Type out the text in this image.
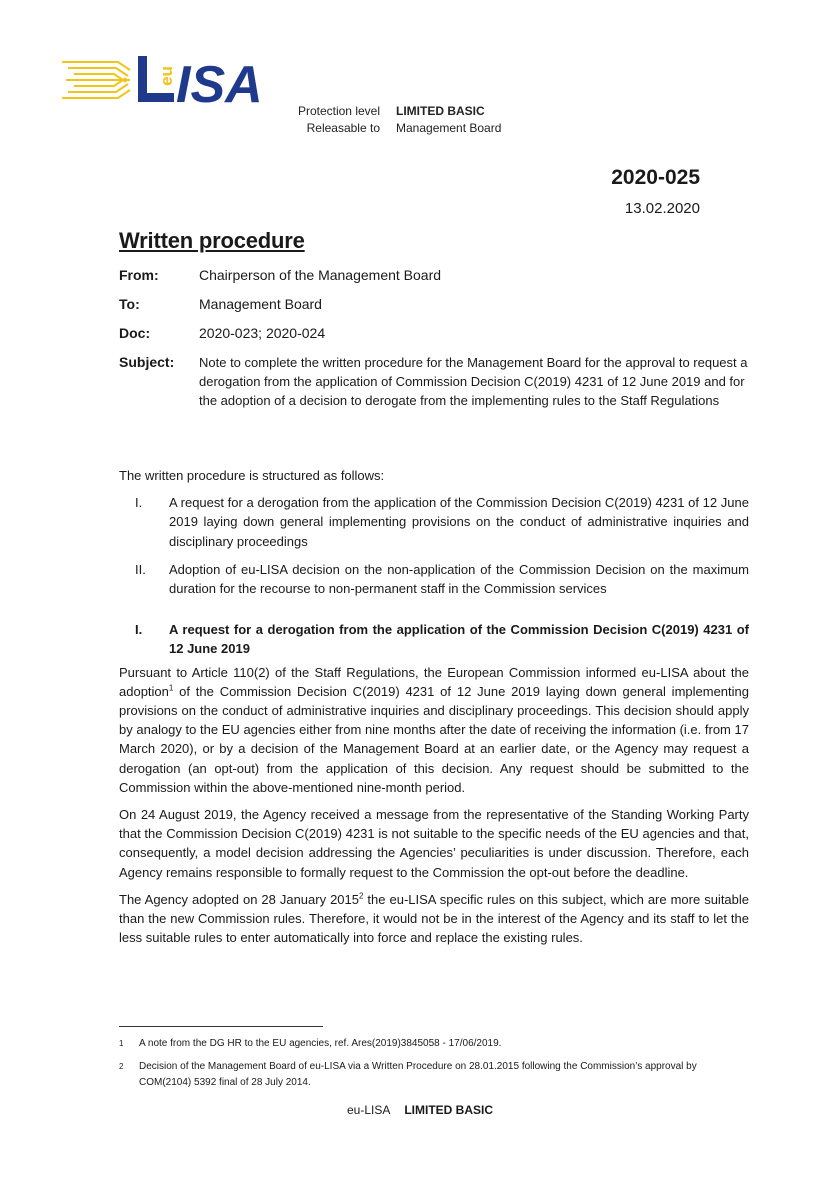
eu ISA	Protection level	LIMITED BASIC
Releasable to	Management Board
2020-025
13.02.2020
Written procedure
From:	Chairperson of the Management Board
To:	Management Board
Doc:	2020-023; 2020-024
Subject:	Note to complete the written procedure for the Management Board for the approval to request a derogation from the application of Commission Decision C(2019) 4231 of 12 June 2019 and for the adoption of a decision to derogate from the implementing rules to the Staff Regulations

The written procedure is structured as follows:

I.	A request for a derogation from the application of the Commission Decision C(2019) 4231 of 12 June 2019 laying down general implementing provisions on the conduct of administrative inquiries and disciplinary proceedings
II.	Adoption of eu-LISA decision on the non-application of the Commission Decision on the maximum duration for the recourse to non-permanent staff in the Commission services
I.	A request for a derogation from the application of the Commission Decision C(2019) 4231 of 12 June 2019

Pursuant to Article 110(2) of the Staff Regulations, the European Commission informed eu-LISA about the adoption$^1$ of the Commission Decision C(2019) 4231 of 12 June 2019 laying down general implementing provisions on the conduct of administrative inquiries and disciplinary proceedings. This decision should apply by analogy to the EU agencies either from nine months after the date of receiving the information (i.e. from 17 March 2020), or by a decision of the Management Board at an earlier date, or the Agency may request a derogation (an opt-out) from the application of this decision. Any request should be submitted to the Commission within the above-mentioned nine-month period.

On 24 August 2019, the Agency received a message from the representative of the Standing Working Party that the Commission Decision C(2019) 4231 is not suitable to the specific needs of the EU agencies and that, consequently, a model decision addressing the Agencies’ peculiarities is under discussion. Therefore, each Agency remains responsible to formally request to the Commission the opt-out before the deadline.

The Agency adopted on 28 January 2015$^2$ the eu-LISA specific rules on this subject, which are more suitable than the new Commission rules. Therefore, it would not be in the interest of the Agency and its staff to let the less suitable rules to enter automatically into force and replace the existing rules.

1	A note from the DG HR to the EU agencies, ref. Ares(2019)3845058 - 17/06/2019.
2	Decision of the Management Board of eu-LISA via a Written Procedure on 28.01.2015 following the Commission’s approval by COM(2104) 5392 final of 28 July 2014.
eu-LISA LIMITED BASIC
